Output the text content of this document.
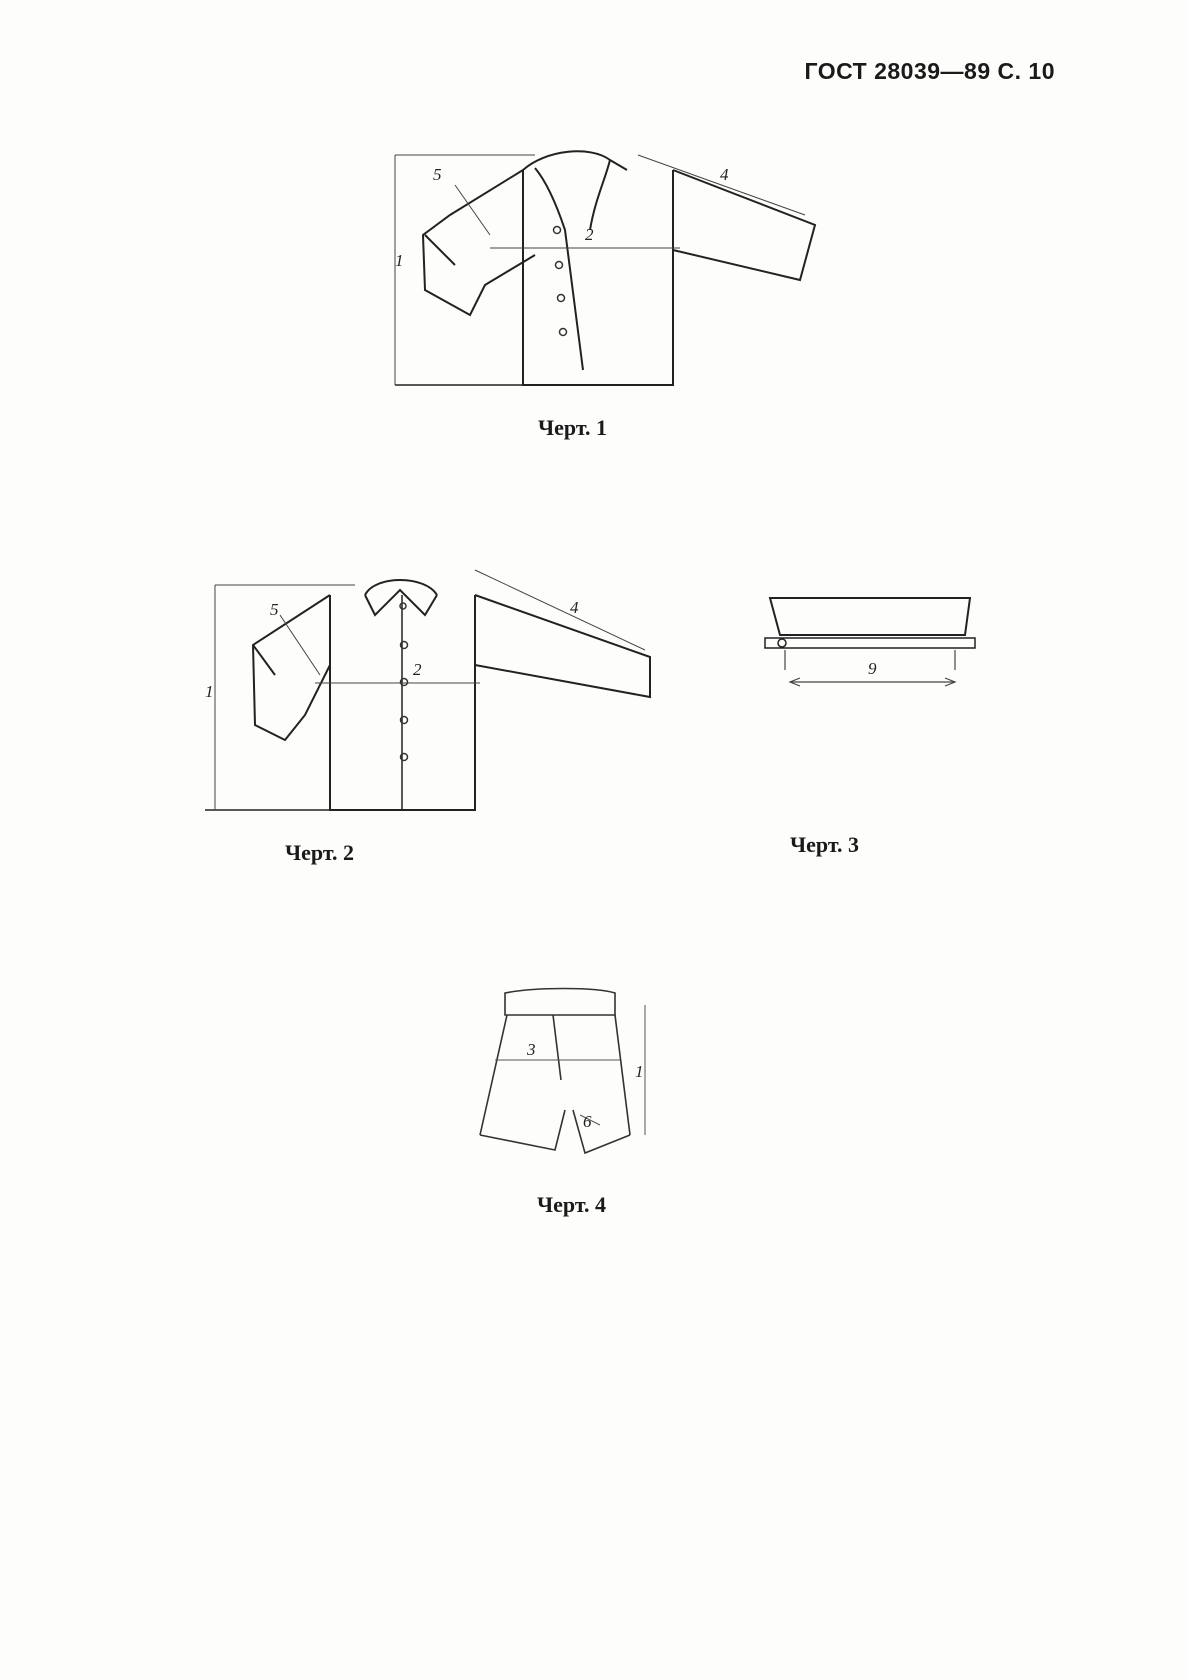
ГОСТ 28039—89 С. 10
1
2
4
5
Черт. 1
1
2
4
5
Черт. 2
9
Черт. 3
3
1
6
Черт. 4
